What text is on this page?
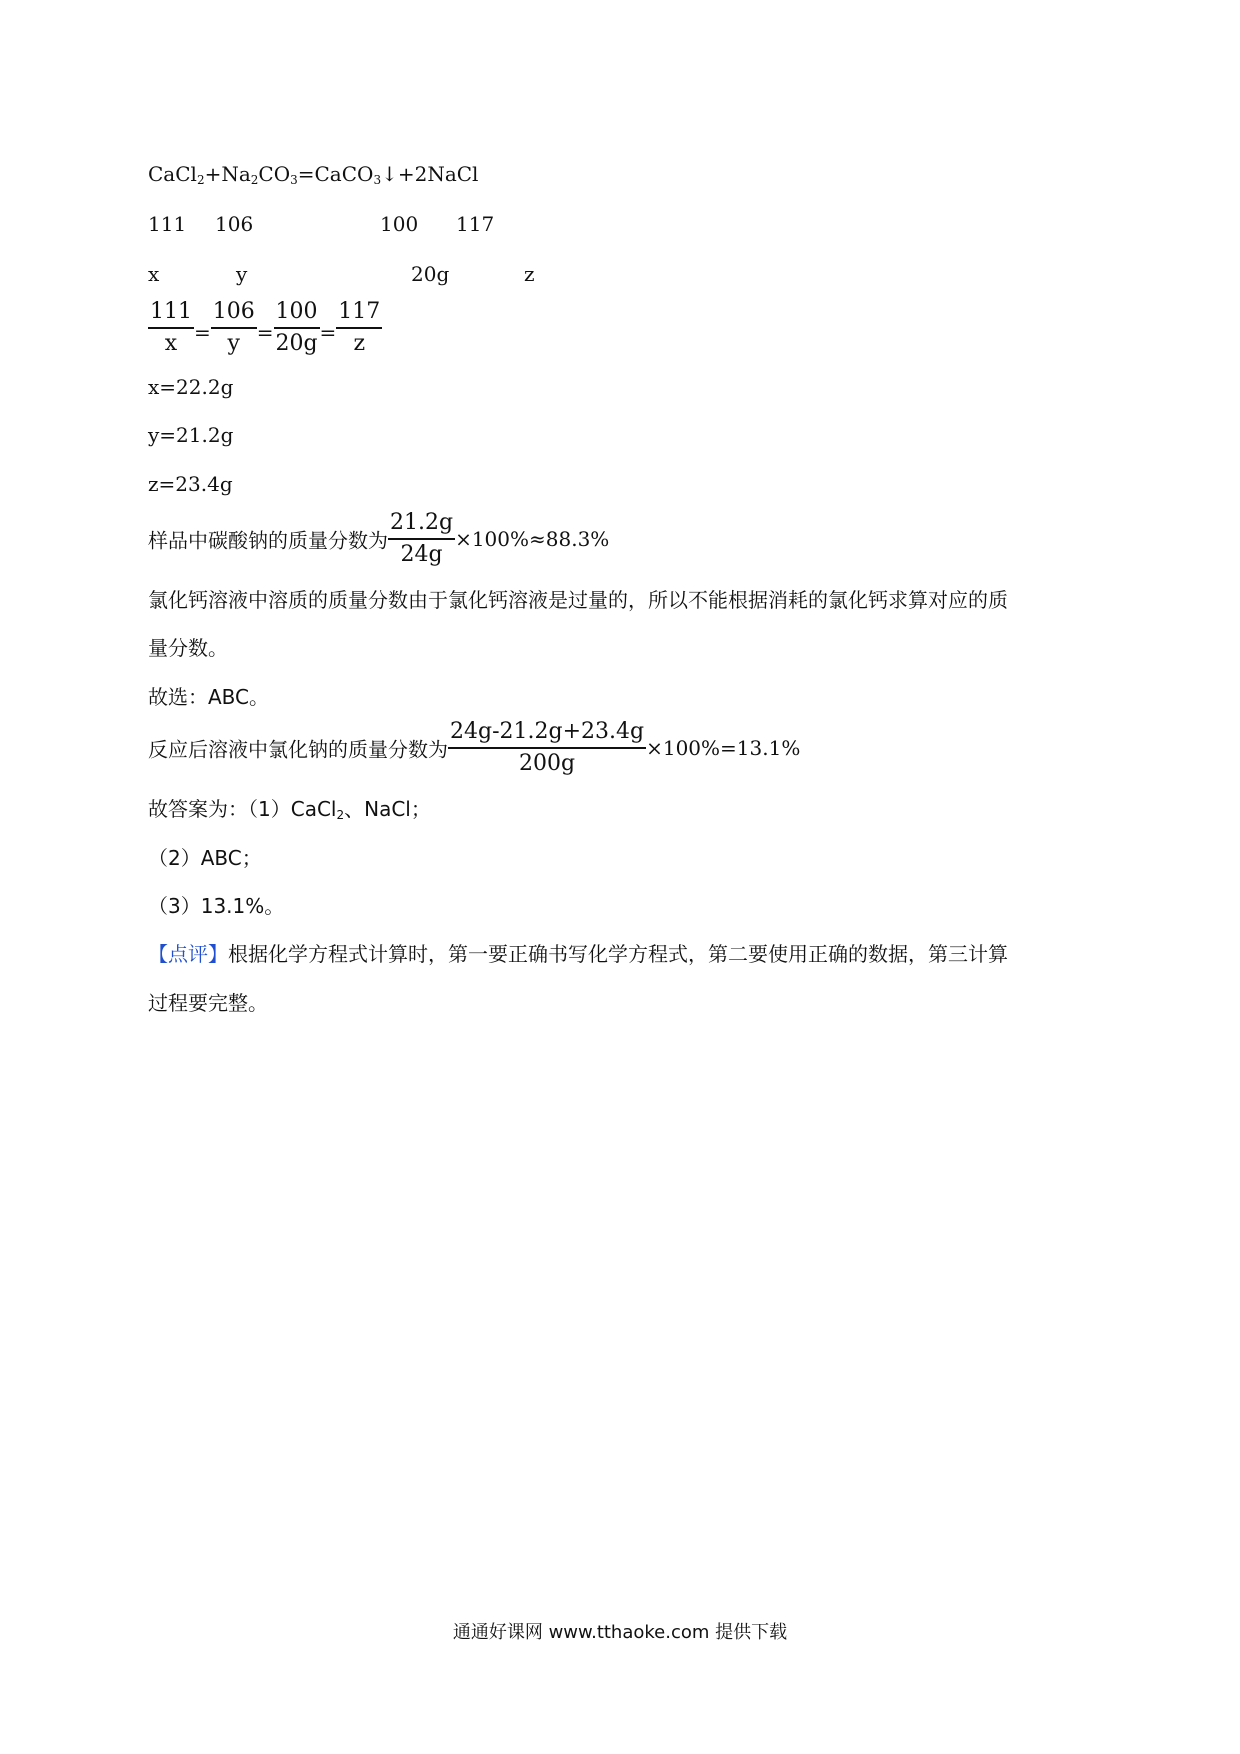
$CaCl_2+Na_2CO_3=CaCO_3↓+2NaCl$
111 106	100 117
x	y	20g	z
$\frac{111}{x} = \frac{106}{y} = \frac{100}{20g} = \frac{117}{z}$
x=22.2g
y=21.2g
z=23.4g
样品中碳酸钠的质量分数为 $\frac{21.2g}{24g} \times 100\%\approx 88.3\%$
氯化钙溶液中溶质的质量分数由于氯化钙溶液是过量的，所以不能根据消耗的氯化钙求算对应的质
量分数。
故选：ABC。
反应后溶液中氯化钠的质量分数为 $\frac{24g-21.2g+23.4g}{200g} \times 100\%=13.1\%$
故答案为：（1）CaCl$_2$、NaCl；
（2）ABC；
（3）13.1%。
【点评】根据化学方程式计算时，第一要正确书写化学方程式，第二要使用正确的数据，第三计算
过程要完整。
通通好课网 www.tthaoke.com 提供下载
